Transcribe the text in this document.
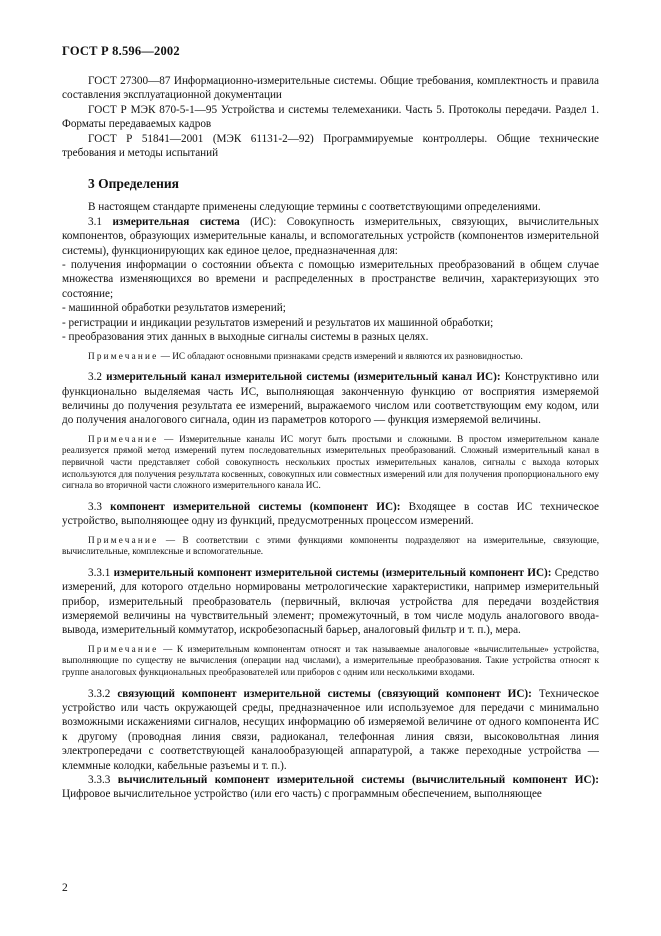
ГОСТ Р 8.596—2002

ГОСТ 27300—87 Информационно-измерительные системы. Общие требования, комплектность и правила составления эксплуатационной документации

ГОСТ Р МЭК 870-5-1—95 Устройства и системы телемеханики. Часть 5. Протоколы передачи. Раздел 1. Форматы передаваемых кадров

ГОСТ Р 51841—2001 (МЭК 61131-2—92) Программируемые контроллеры. Общие технические требования и методы испытаний

3 Определения

В настоящем стандарте применены следующие термины с соответствующими определениями.

3.1 измерительная система (ИС): Совокупность измерительных, связующих, вычислительных компонентов, образующих измерительные каналы, и вспомогательных устройств (компонентов измерительной системы), функционирующих как единое целое, предназначенная для:

- получения информации о состоянии объекта с помощью измерительных преобразований в общем случае множества изменяющихся во времени и распределенных в пространстве величин, характеризующих это состояние;

- машинной обработки результатов измерений;

- регистрации и индикации результатов измерений и результатов их машинной обработки;

- преобразования этих данных в выходные сигналы системы в разных целях.

Примечание — ИС обладают основными признаками средств измерений и являются их разновидностью.

3.2 измерительный канал измерительной системы (измерительный канал ИС): Конструктивно или функционально выделяемая часть ИС, выполняющая законченную функцию от восприятия измеряемой величины до получения результата ее измерений, выражаемого числом или соответствующим ему кодом, или до получения аналогового сигнала, один из параметров которого — функция измеряемой величины.

Примечание — Измерительные каналы ИС могут быть простыми и сложными. В простом измерительном канале реализуется прямой метод измерений путем последовательных измерительных преобразований. Сложный измерительный канал в первичной части представляет собой совокупность нескольких простых измерительных каналов, сигналы с выхода которых используются для получения результата косвенных, совокупных или совместных измерений или для получения пропорционального ему сигнала во вторичной части сложного измерительного канала ИС.

3.3 компонент измерительной системы (компонент ИС): Входящее в состав ИС техническое устройство, выполняющее одну из функций, предусмотренных процессом измерений.

Примечание — В соответствии с этими функциями компоненты подразделяют на измерительные, связующие, вычислительные, комплексные и вспомогательные.

3.3.1 измерительный компонент измерительной системы (измерительный компонент ИС): Средство измерений, для которого отдельно нормированы метрологические характеристики, например измерительный прибор, измерительный преобразователь (первичный, включая устройства для передачи воздействия измеряемой величины на чувствительный элемент; промежуточный, в том числе модуль аналогового ввода-вывода, измерительный коммутатор, искробезопасный барьер, аналоговый фильтр и т. п.), мера.

Примечание — К измерительным компонентам относят и так называемые аналоговые «вычислительные» устройства, выполняющие по существу не вычисления (операции над числами), а измерительные преобразования. Такие устройства относят к группе аналоговых функциональных преобразователей или приборов с одним или несколькими входами.

3.3.2 связующий компонент измерительной системы (связующий компонент ИС): Техническое устройство или часть окружающей среды, предназначенное или используемое для передачи с минимально возможными искажениями сигналов, несущих информацию об измеряемой величине от одного компонента ИС к другому (проводная линия связи, радиоканал, телефонная линия связи, высоковольтная линия электропередачи с соответствующей каналообразующей аппаратурой, а также переходные устройства — клеммные колодки, кабельные разъемы и т. п.).

3.3.3 вычислительный компонент измерительной системы (вычислительный компонент ИС): Цифровое вычислительное устройство (или его часть) с программным обеспечением, выполняющее

2
